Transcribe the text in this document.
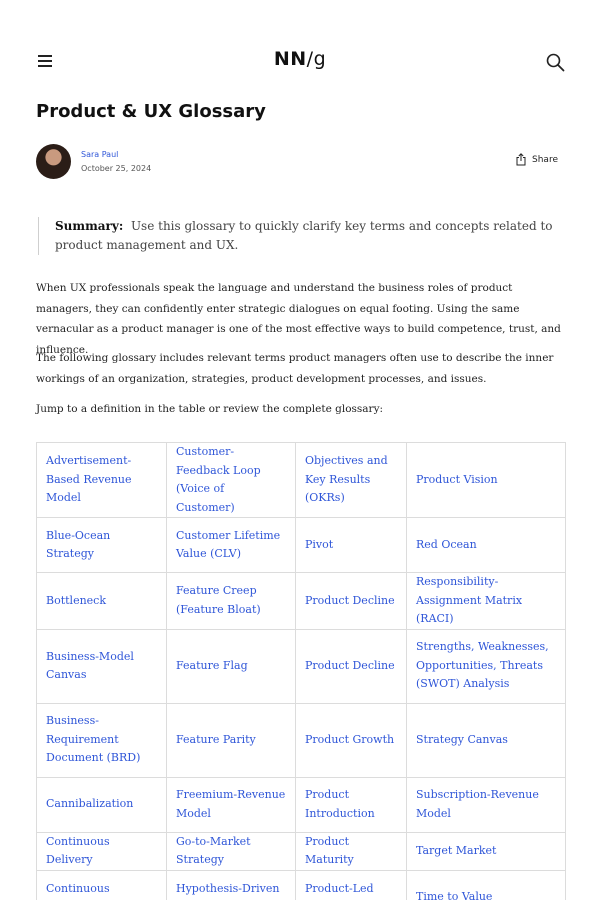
NN/g
Product & UX Glossary
Sara Paul
October 25, 2024
Share
Summary: Use this glossary to quickly clarify key terms and concepts related to product management and UX.

When UX professionals speak the language and understand the business roles of product managers, they can confidently enter strategic dialogues on equal footing. Using the same vernacular as a product manager is one of the most effective ways to build competence, trust, and influence.

The following glossary includes relevant terms product managers often use to describe the inner workings of an organization, strategies, product development processes, and issues.

Jump to a definition in the table or review the complete glossary:

Advertisement-Based Revenue Model	Customer-Feedback Loop (Voice of Customer)	Objectives and Key Results (OKRs)	Product Vision
Blue-Ocean Strategy	Customer Lifetime Value (CLV)	Pivot	Red Ocean
Bottleneck	Feature Creep (Feature Bloat)	Product Decline	Responsibility-Assignment Matrix (RACI)
Business-Model Canvas	Feature Flag	Product Decline	Strengths, Weaknesses, Opportunities, Threats (SWOT) Analysis
Business-Requirement Document (BRD)	Feature Parity	Product Growth	Strategy Canvas
Cannibalization	Freemium-Revenue Model	Product Introduction	Subscription-Revenue Model
Continuous Delivery	Go-to-Market Strategy	Product Maturity	Target Market
Continuous	Hypothesis-Driven	Product-Led	Time to Value
